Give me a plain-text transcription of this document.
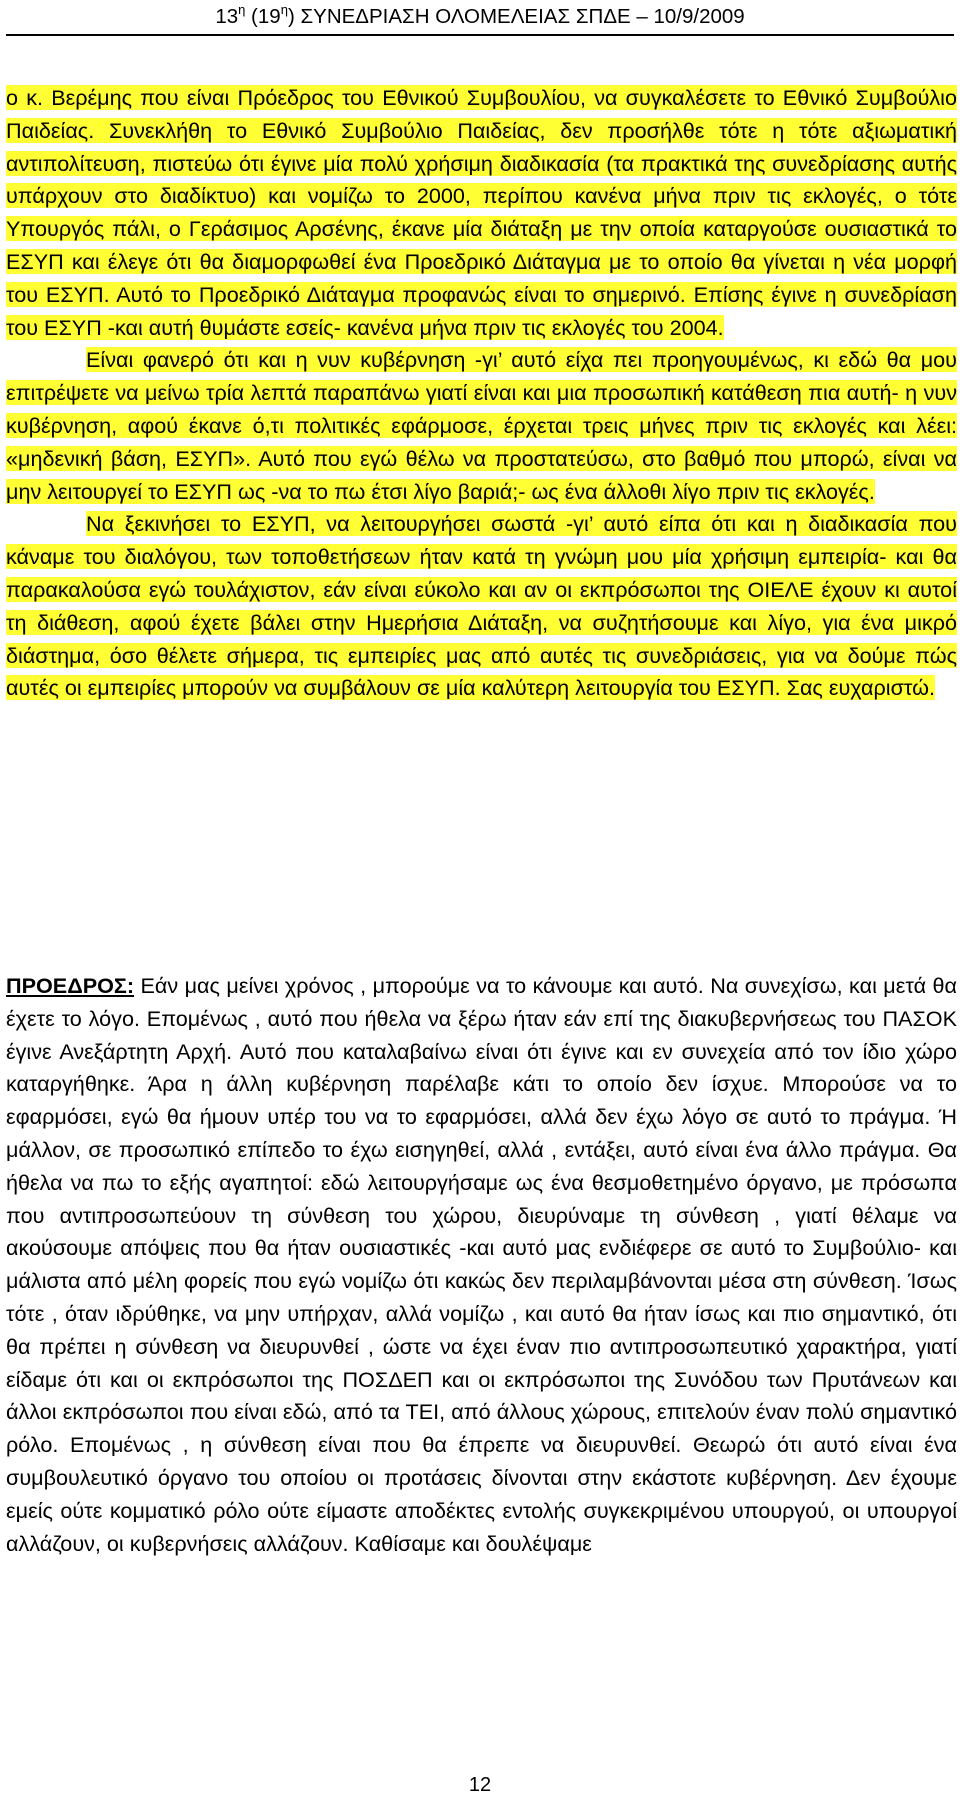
$13^\eta$ $(19^\eta)$ ΣΥΝΕΔΡΙΑΣΗ ΟΛΟΜΕΛΕΙΑΣ ΣΠΔΕ – 10/9/2009

ο κ. Βερέμης που είναι Πρόεδρος του Εθνικού Συμβουλίου, να συγκαλέσετε το Εθνικό Συμβούλιο Παιδείας. Συνεκλήθη το Εθνικό Συμβούλιο Παιδείας, δεν προσήλθε τότε η τότε αξιωματική αντιπολίτευση, πιστεύω ότι έγινε μία πολύ χρήσιμη διαδικασία (τα πρακτικά της συνεδρίασης αυτής υπάρχουν στο διαδίκτυο) και νομίζω το 2000, περίπου κανένα μήνα πριν τις εκλογές, ο τότε Υπουργός πάλι, ο Γεράσιμος Αρσένης, έκανε μία διάταξη με την οποία καταργούσε ουσιαστικά το ΕΣΥΠ και έλεγε ότι θα διαμορφωθεί ένα Προεδρικό Διάταγμα με το οποίο θα γίνεται η νέα μορφή του ΕΣΥΠ. Αυτό το Προεδρικό Διάταγμα προφανώς είναι το σημερινό. Επίσης έγινε η συνεδρίαση του ΕΣΥΠ -και αυτή θυμάστε εσείς- κανένα μήνα πριν τις εκλογές του 2004.

Είναι φανερό ότι και η νυν κυβέρνηση -γι’ αυτό είχα πει προηγουμένως, κι εδώ θα μου επιτρέψετε να μείνω τρία λεπτά παραπάνω γιατί είναι και μια προσωπική κατάθεση πια αυτή- η νυν κυβέρνηση, αφού έκανε ό,τι πολιτικές εφάρμοσε, έρχεται τρεις μήνες πριν τις εκλογές και λέει: «μηδενική βάση, ΕΣΥΠ». Αυτό που εγώ θέλω να προστατεύσω, στο βαθμό που μπορώ, είναι να μην λειτουργεί το ΕΣΥΠ ως -να το πω έτσι λίγο βαριά;- ως ένα άλλοθι λίγο πριν τις εκλογές.

Να ξεκινήσει το ΕΣΥΠ, να λειτουργήσει σωστά -γι’ αυτό είπα ότι και η διαδικασία που κάναμε του διαλόγου, των τοποθετήσεων ήταν κατά τη γνώμη μου μία χρήσιμη εμπειρία- και θα παρακαλούσα εγώ τουλάχιστον, εάν είναι εύκολο και αν οι εκπρόσωποι της ΟΙΕΛΕ έχουν κι αυτοί τη διάθεση, αφού έχετε βάλει στην Ημερήσια Διάταξη, να συζητήσουμε και λίγο, για ένα μικρό διάστημα, όσο θέλετε σήμερα, τις εμπειρίες μας από αυτές τις συνεδριάσεις, για να δούμε πώς αυτές οι εμπειρίες μπορούν να συμβάλουν σε μία καλύτερη λειτουργία του ΕΣΥΠ. Σας ευχαριστώ.

ΠΡΟΕΔΡΟΣ: Εάν μας μείνει χρόνος , μπορούμε να το κάνουμε και αυτό. Να συνεχίσω, και μετά θα έχετε το λόγο. Επομένως , αυτό που ήθελα να ξέρω ήταν εάν επί της διακυβερνήσεως του ΠΑΣΟΚ έγινε Ανεξάρτητη Αρχή. Αυτό που καταλαβαίνω είναι ότι έγινε και εν συνεχεία από τον ίδιο χώρο καταργήθηκε. Άρα η άλλη κυβέρνηση παρέλαβε κάτι το οποίο δεν ίσχυε. Μπορούσε να το εφαρμόσει, εγώ θα ήμουν υπέρ του να το εφαρμόσει, αλλά δεν έχω λόγο σε αυτό το πράγμα. Ή μάλλον, σε προσωπικό επίπεδο το έχω εισηγηθεί, αλλά , εντάξει, αυτό είναι ένα άλλο πράγμα. Θα ήθελα να πω το εξής αγαπητοί: εδώ λειτουργήσαμε ως ένα θεσμοθετημένο όργανο, με πρόσωπα που αντιπροσωπεύουν τη σύνθεση του χώρου, διευρύναμε τη σύνθεση , γιατί θέλαμε να ακούσουμε απόψεις που θα ήταν ουσιαστικές -και αυτό μας ενδιέφερε σε αυτό το Συμβούλιο- και μάλιστα από μέλη φορείς που εγώ νομίζω ότι κακώς δεν περιλαμβάνονται μέσα στη σύνθεση. Ίσως τότε , όταν ιδρύθηκε, να μην υπήρχαν, αλλά νομίζω , και αυτό θα ήταν ίσως και πιο σημαντικό, ότι θα πρέπει η σύνθεση να διευρυνθεί , ώστε να έχει έναν πιο αντιπροσωπευτικό χαρακτήρα, γιατί είδαμε ότι και οι εκπρόσωποι της ΠΟΣΔΕΠ και οι εκπρόσωποι της Συνόδου των Πρυτάνεων και άλλοι εκπρόσωποι που είναι εδώ, από τα ΤΕΙ, από άλλους χώρους, επιτελούν έναν πολύ σημαντικό ρόλο. Επομένως , η σύνθεση είναι που θα έπρεπε να διευρυνθεί. Θεωρώ ότι αυτό είναι ένα συμβουλευτικό όργανο του οποίου οι προτάσεις δίνονται στην εκάστοτε κυβέρνηση. Δεν έχουμε εμείς ούτε κομματικό ρόλο ούτε είμαστε αποδέκτες εντολής συγκεκριμένου υπουργού, οι υπουργοί αλλάζουν, οι κυβερνήσεις αλλάζουν. Καθίσαμε και δουλέψαμε

12
